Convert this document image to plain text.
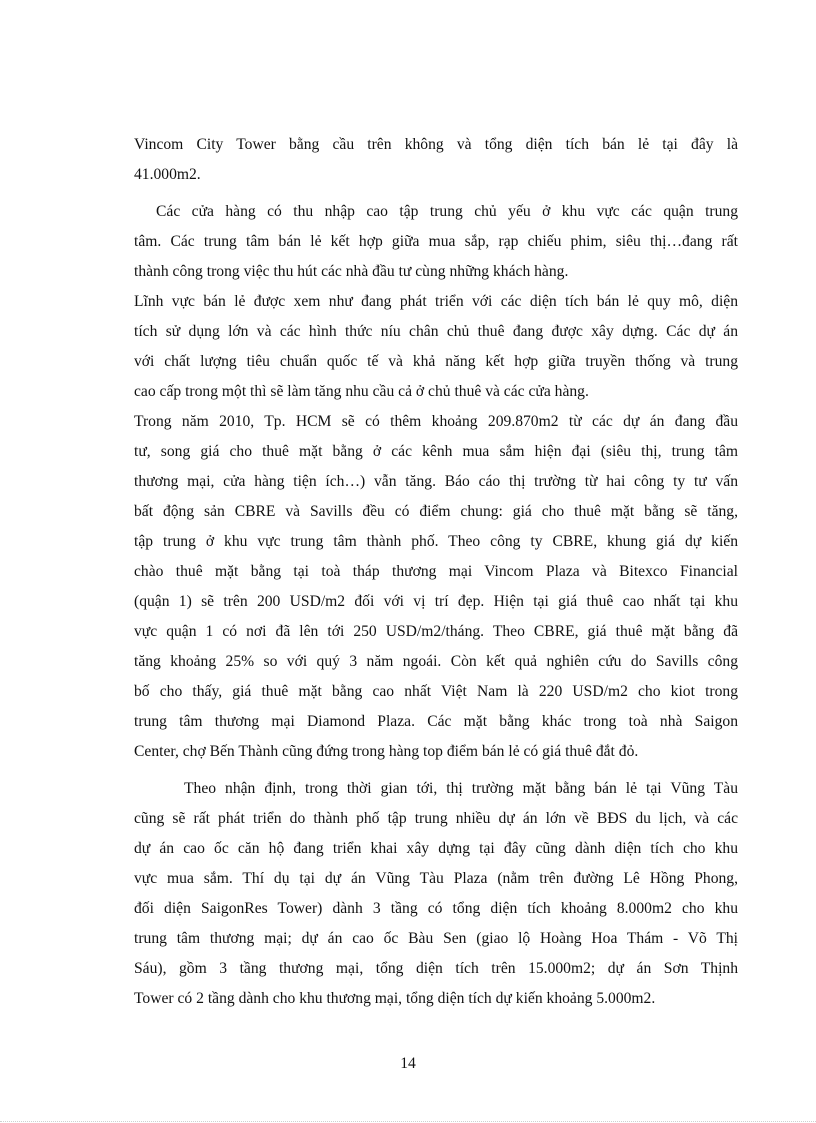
Vincom City Tower bằng cầu trên không và tổng diện tích bán lẻ tại đây là
41.000m2.
Các cửa hàng có thu nhập cao tập trung chủ yếu ở khu vực các quận trung
tâm. Các trung tâm bán lẻ kết hợp giữa mua sắp, rạp chiếu phim, siêu thị…đang rất
thành công trong việc thu hút các nhà đầu tư cùng những khách hàng.
Lĩnh vực bán lẻ được xem như đang phát triển với các diện tích bán lẻ quy mô, diện
tích sử dụng lớn và các hình thức níu chân chủ thuê đang được xây dựng. Các dự án
với chất lượng tiêu chuẩn quốc tế và khả năng kết hợp giữa truyền thống và trung
cao cấp trong một thì sẽ làm tăng nhu cầu cả ở chủ thuê và các cửa hàng.
Trong năm 2010, Tp. HCM sẽ có thêm khoảng 209.870m2 từ các dự án đang đầu
tư, song giá cho thuê mặt bằng ở các kênh mua sắm hiện đại (siêu thị, trung tâm
thương mại, cửa hàng tiện ích…) vẫn tăng. Báo cáo thị trường từ hai công ty tư vấn
bất động sản CBRE và Savills đều có điểm chung: giá cho thuê mặt bằng sẽ tăng,
tập trung ở khu vực trung tâm thành phố. Theo công ty CBRE, khung giá dự kiến
chào thuê mặt bằng tại toà tháp thương mại Vincom Plaza và Bitexco Financial
(quận 1) sẽ trên 200 USD/m2 đối với vị trí đẹp. Hiện tại giá thuê cao nhất tại khu
vực quận 1 có nơi đã lên tới 250 USD/m2/tháng. Theo CBRE, giá thuê mặt bằng đã
tăng khoảng 25% so với quý 3 năm ngoái. Còn kết quả nghiên cứu do Savills công
bố cho thấy, giá thuê mặt bằng cao nhất Việt Nam là 220 USD/m2 cho kiot trong
trung tâm thương mại Diamond Plaza. Các mặt bằng khác trong toà nhà Saigon
Center, chợ Bến Thành cũng đứng trong hàng top điểm bán lẻ có giá thuê đắt đỏ.
Theo nhận định, trong thời gian tới, thị trường mặt bằng bán lẻ tại Vũng Tàu
cũng sẽ rất phát triển do thành phố tập trung nhiều dự án lớn về BĐS du lịch, và các
dự án cao ốc căn hộ đang triển khai xây dựng tại đây cũng dành diện tích cho khu
vực mua sắm. Thí dụ tại dự án Vũng Tàu Plaza (nằm trên đường Lê Hồng Phong,
đối diện SaigonRes Tower) dành 3 tầng có tổng diện tích khoảng 8.000m2 cho khu
trung tâm thương mại; dự án cao ốc Bàu Sen (giao lộ Hoàng Hoa Thám - Võ Thị
Sáu), gồm 3 tầng thương mại, tổng diện tích trên 15.000m2; dự án Sơn Thịnh
Tower có 2 tầng dành cho khu thương mại, tổng diện tích dự kiến khoảng 5.000m2.
14
